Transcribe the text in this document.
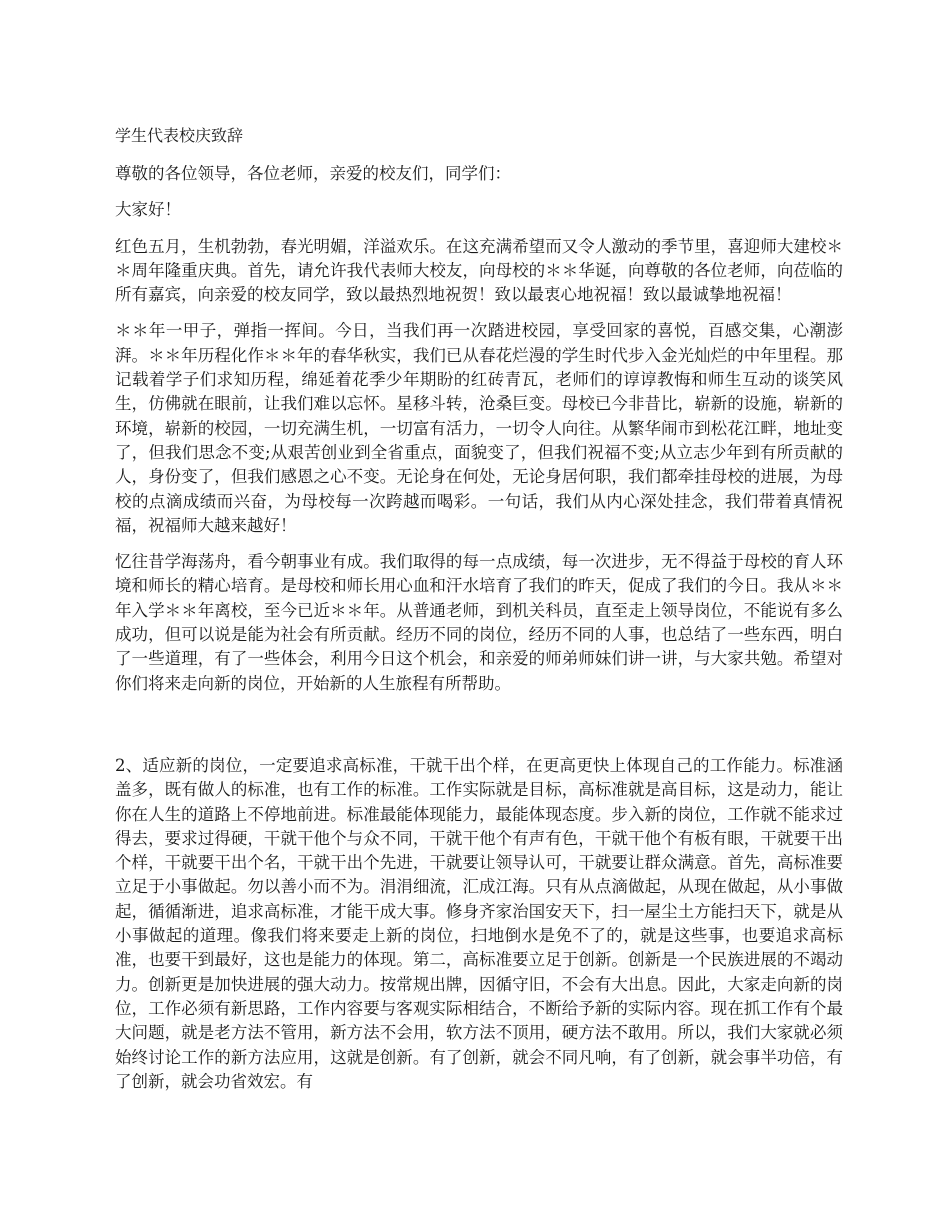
学生代表校庆致辞

尊敬的各位领导，各位老师，亲爱的校友们，同学们：

大家好！

红色五月，生机勃勃，春光明媚，洋溢欢乐。在这充满希望而又令人激动的季节里，喜迎师大建校＊＊周年隆重庆典。首先，请允许我代表师大校友，向母校的＊＊华诞，向尊敬的各位老师，向莅临的所有嘉宾，向亲爱的校友同学，致以最热烈地祝贺！致以最衷心地祝福！致以最诚挚地祝福！

＊＊年一甲子，弹指一挥间。今日，当我们再一次踏进校园，享受回家的喜悦，百感交集，心潮澎湃。＊＊年历程化作＊＊年的春华秋实，我们已从春花烂漫的学生时代步入金光灿烂的中年里程。那记载着学子们求知历程，绵延着花季少年期盼的红砖青瓦，老师们的谆谆教悔和师生互动的谈笑风生，仿佛就在眼前，让我们难以忘怀。星移斗转，沧桑巨变。母校已今非昔比，崭新的设施，崭新的环境，崭新的校园，一切充满生机，一切富有活力，一切令人向往。从繁华闹市到松花江畔，地址变了，但我们思念不变;从艰苦创业到全省重点，面貌变了，但我们祝福不变;从立志少年到有所贡献的人，身份变了，但我们感恩之心不变。无论身在何处，无论身居何职，我们都牵挂母校的进展，为母校的点滴成绩而兴奋，为母校每一次跨越而喝彩。一句话，我们从内心深处挂念，我们带着真情祝福，祝福师大越来越好！

忆往昔学海荡舟，看今朝事业有成。我们取得的每一点成绩，每一次进步，无不得益于母校的育人环境和师长的精心培育。是母校和师长用心血和汗水培育了我们的昨天，促成了我们的今日。我从＊＊年入学＊＊年离校，至今已近＊＊年。从普通老师，到机关科员，直至走上领导岗位，不能说有多么成功，但可以说是能为社会有所贡献。经历不同的岗位，经历不同的人事，也总结了一些东西，明白了一些道理，有了一些体会，利用今日这个机会，和亲爱的师弟师妹们讲一讲，与大家共勉。希望对你们将来走向新的岗位，开始新的人生旅程有所帮助。

2、适应新的岗位，一定要追求高标准，干就干出个样，在更高更快上体现自己的工作能力。标准涵盖多，既有做人的标准，也有工作的标准。工作实际就是目标，高标准就是高目标，这是动力，能让你在人生的道路上不停地前进。标准最能体现能力，最能体现态度。步入新的岗位，工作就不能求过得去，要求过得硬，干就干他个与众不同，干就干他个有声有色，干就干他个有板有眼，干就要干出个样，干就要干出个名，干就干出个先进，干就要让领导认可，干就要让群众满意。首先，高标准要立足于小事做起。勿以善小而不为。涓涓细流，汇成江海。只有从点滴做起，从现在做起，从小事做起，循循渐进，追求高标准，才能干成大事。修身齐家治国安天下，扫一屋尘土方能扫天下，就是从小事做起的道理。像我们将来要走上新的岗位，扫地倒水是免不了的，就是这些事，也要追求高标准，也要干到最好，这也是能力的体现。第二，高标准要立足于创新。创新是一个民族进展的不竭动力。创新更是加快进展的强大动力。按常规出牌，因循守旧，不会有大出息。因此，大家走向新的岗位，工作必须有新思路，工作内容要与客观实际相结合，不断给予新的实际内容。现在抓工作有个最大问题，就是老方法不管用，新方法不会用，软方法不顶用，硬方法不敢用。所以，我们大家就必须始终讨论工作的新方法应用，这就是创新。有了创新，就会不同凡响，有了创新，就会事半功倍，有了创新，就会功省效宏。有
